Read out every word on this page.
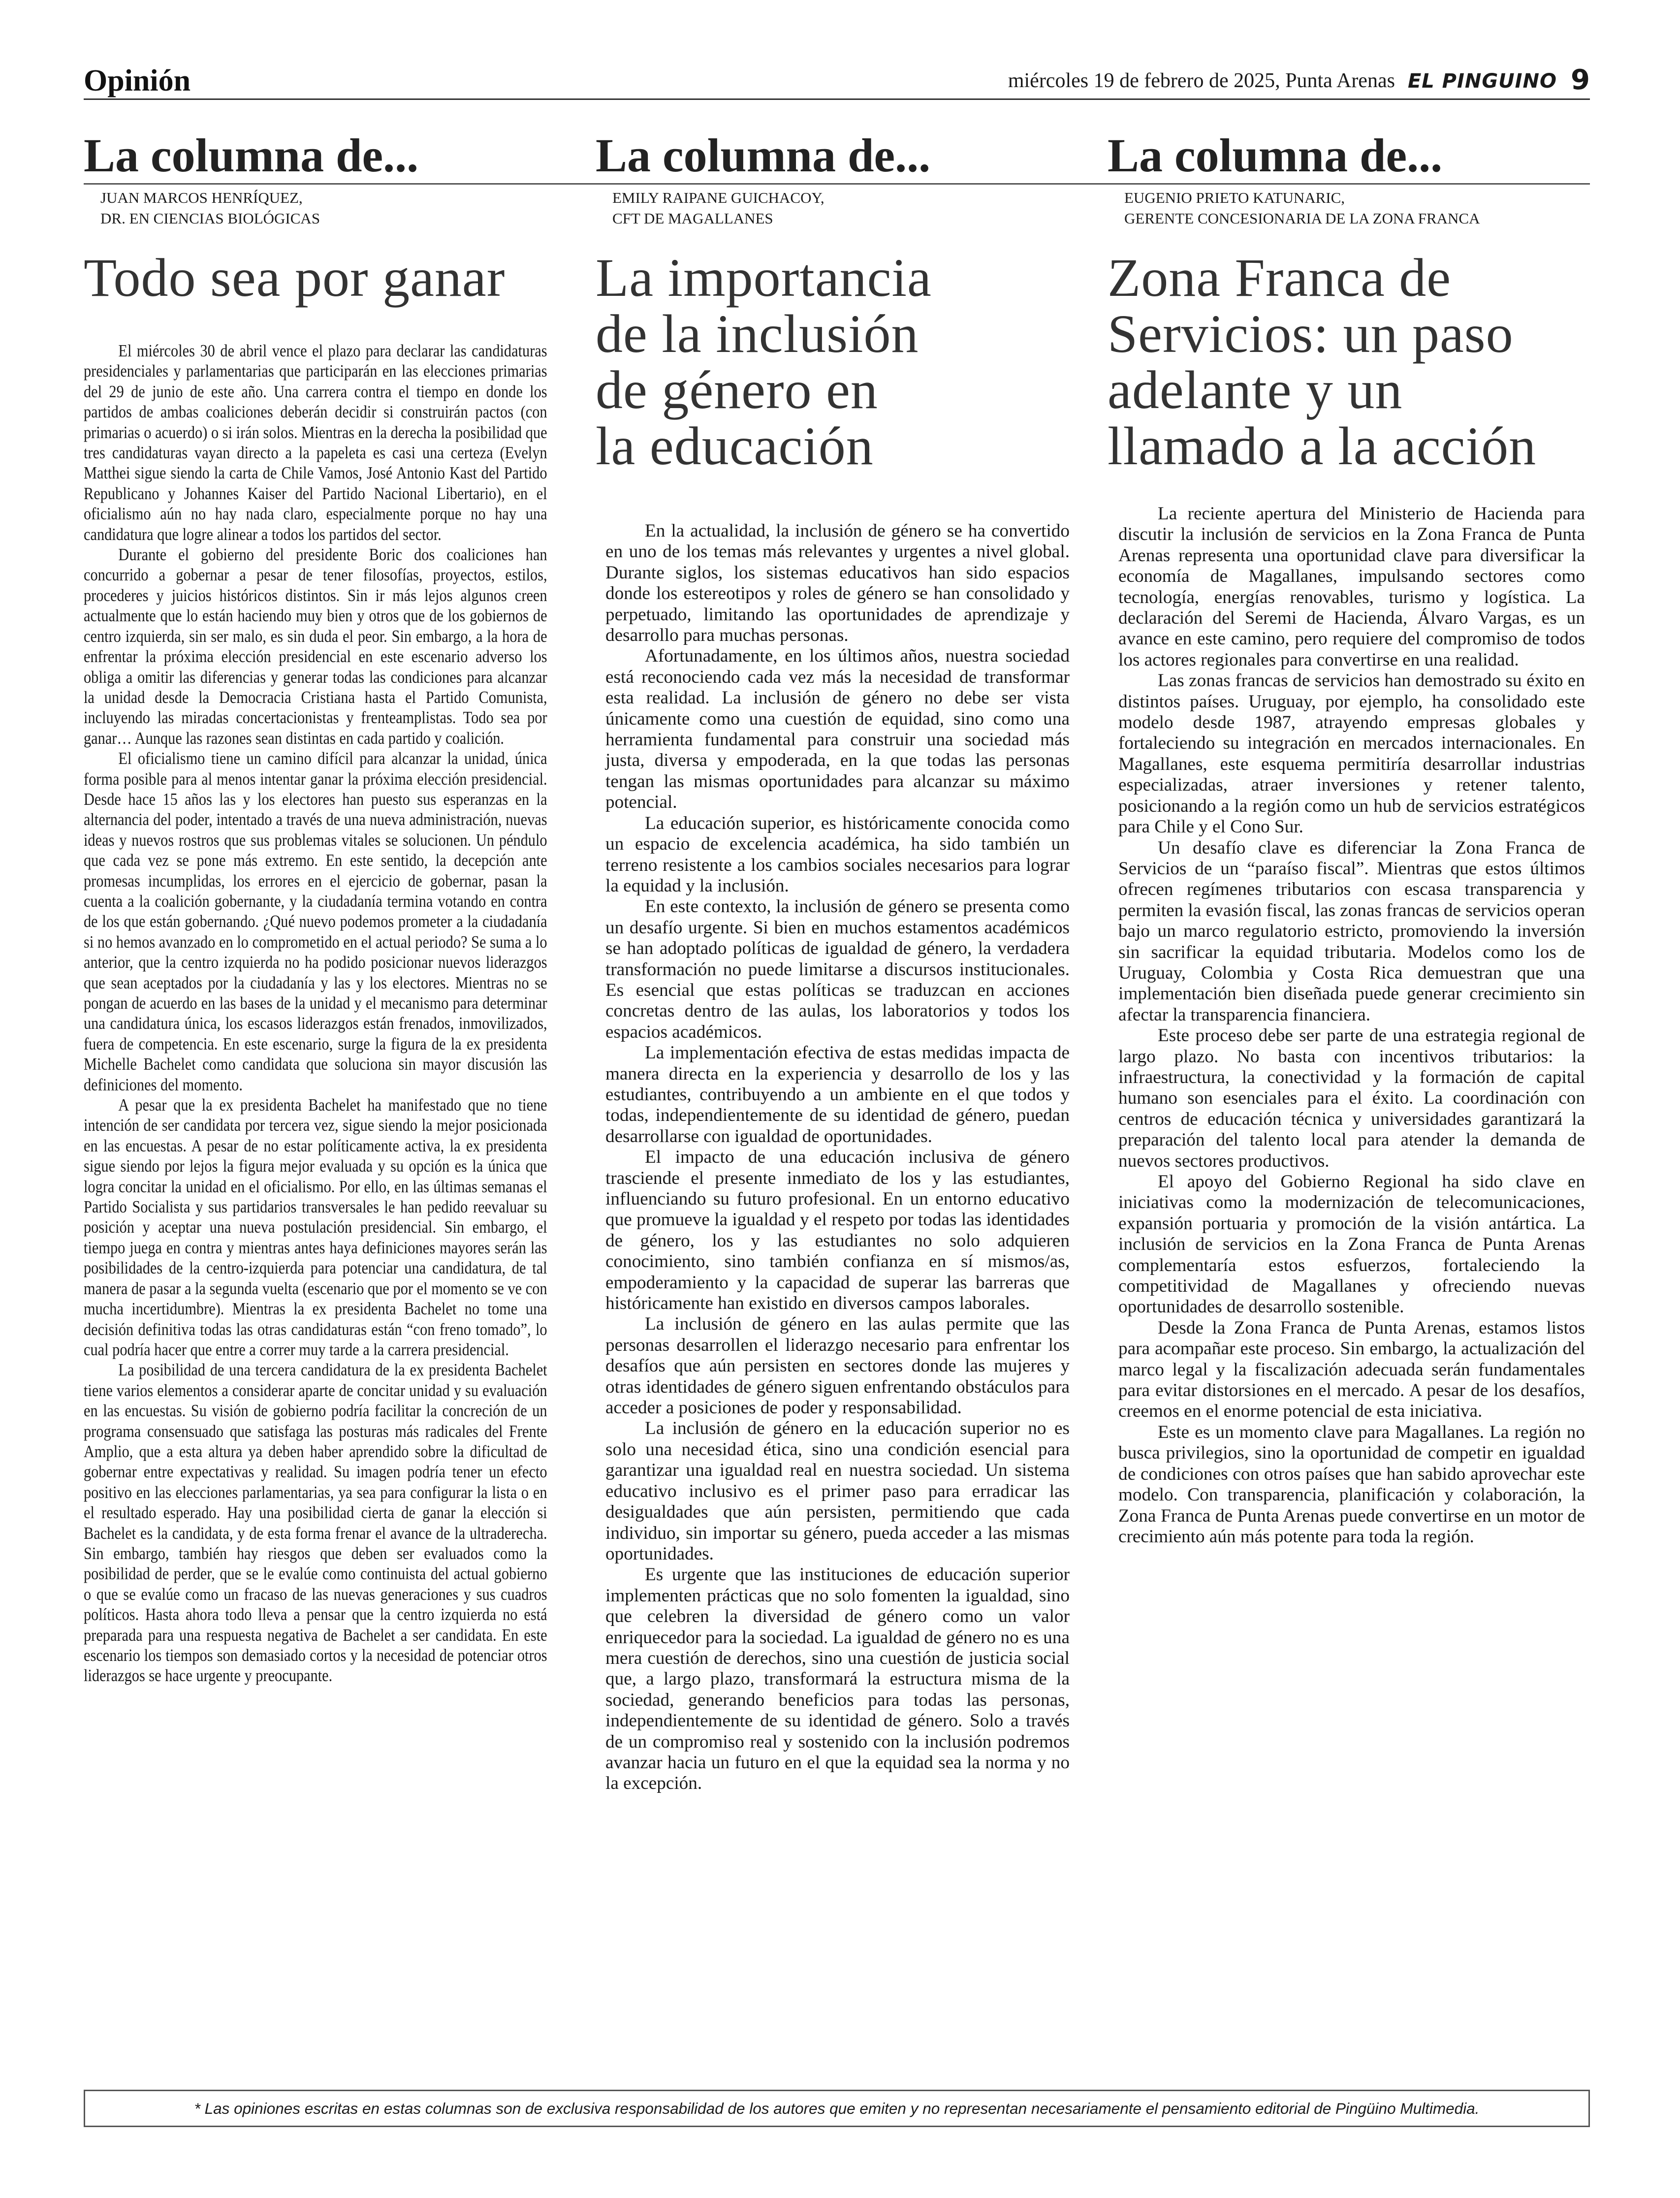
Opinión	miércoles 19 de febrero de 2025, Punta Arenas EL PINGUINO 9
La columna de...
JUAN MARCOS HENRÍQUEZ,
DR. EN CIENCIAS BIOLÓGICAS
Todo sea por ganar

El miércoles 30 de abril vence el plazo para declarar las candidaturas presidenciales y parlamentarias que participarán en las elecciones primarias del 29 de junio de este año. Una carrera contra el tiempo en donde los partidos de ambas coaliciones deberán decidir si construirán pactos (con primarias o acuerdo) o si irán solos. Mientras en la derecha la posibilidad que tres candidaturas vayan directo a la papeleta es casi una certeza (Evelyn Matthei sigue siendo la carta de Chile Vamos, José Antonio Kast del Partido Republicano y Johannes Kaiser del Partido Nacional Libertario), en el oficialismo aún no hay nada claro, especialmente porque no hay una candidatura que logre alinear a todos los partidos del sector.

Durante el gobierno del presidente Boric dos coaliciones han concurrido a gobernar a pesar de tener filosofías, proyectos, estilos, procederes y juicios históricos distintos. Sin ir más lejos algunos creen actualmente que lo están haciendo muy bien y otros que de los gobiernos de centro izquierda, sin ser malo, es sin duda el peor. Sin embargo, a la hora de enfrentar la próxima elección presidencial en este escenario adverso los obliga a omitir las diferencias y generar todas las condiciones para alcanzar la unidad desde la Democracia Cristiana hasta el Partido Comunista, incluyendo las miradas concertacionistas y frenteamplistas. Todo sea por ganar… Aunque las razones sean distintas en cada partido y coalición.

El oficialismo tiene un camino difícil para alcanzar la unidad, única forma posible para al menos intentar ganar la próxima elección presidencial. Desde hace 15 años las y los electores han puesto sus esperanzas en la alternancia del poder, intentado a través de una nueva administración, nuevas ideas y nuevos rostros que sus problemas vitales se solucionen. Un péndulo que cada vez se pone más extremo. En este sentido, la decepción ante promesas incumplidas, los errores en el ejercicio de gobernar, pasan la cuenta a la coalición gobernante, y la ciudadanía termina votando en contra de los que están gobernando. ¿Qué nuevo podemos prometer a la ciudadanía si no hemos avanzado en lo comprometido en el actual periodo? Se suma a lo anterior, que la centro izquierda no ha podido posicionar nuevos liderazgos que sean aceptados por la ciudadanía y las y los electores. Mientras no se pongan de acuerdo en las bases de la unidad y el mecanismo para determinar una candidatura única, los escasos liderazgos están frenados, inmovilizados, fuera de competencia. En este escenario, surge la figura de la ex presidenta Michelle Bachelet como candidata que soluciona sin mayor discusión las definiciones del momento.

A pesar que la ex presidenta Bachelet ha manifestado que no tiene intención de ser candidata por tercera vez, sigue siendo la mejor posicionada en las encuestas. A pesar de no estar políticamente activa, la ex presidenta sigue siendo por lejos la figura mejor evaluada y su opción es la única que logra concitar la unidad en el oficialismo. Por ello, en las últimas semanas el Partido Socialista y sus partidarios transversales le han pedido reevaluar su posición y aceptar una nueva postulación presidencial. Sin embargo, el tiempo juega en contra y mientras antes haya definiciones mayores serán las posibilidades de la centro-izquierda para potenciar una candidatura, de tal manera de pasar a la segunda vuelta (escenario que por el momento se ve con mucha incertidumbre). Mientras la ex presidenta Bachelet no tome una decisión definitiva todas las otras candidaturas están “con freno tomado”, lo cual podría hacer que entre a correr muy tarde a la carrera presidencial.

La posibilidad de una tercera candidatura de la ex presidenta Bachelet tiene varios elementos a considerar aparte de concitar unidad y su evaluación en las encuestas. Su visión de gobierno podría facilitar la concreción de un programa consensuado que satisfaga las posturas más radicales del Frente Amplio, que a esta altura ya deben haber aprendido sobre la dificultad de gobernar entre expectativas y realidad. Su imagen podría tener un efecto positivo en las elecciones parlamentarias, ya sea para configurar la lista o en el resultado esperado. Hay una posibilidad cierta de ganar la elección si Bachelet es la candidata, y de esta forma frenar el avance de la ultraderecha. Sin embargo, también hay riesgos que deben ser evaluados como la posibilidad de perder, que se le evalúe como continuista del actual gobierno o que se evalúe como un fracaso de las nuevas generaciones y sus cuadros políticos. Hasta ahora todo lleva a pensar que la centro izquierda no está preparada para una respuesta negativa de Bachelet a ser candidata. En este escenario los tiempos son demasiado cortos y la necesidad de potenciar otros liderazgos se hace urgente y preocupante.

La columna de...
EMILY RAIPANE GUICHACOY,
CFT DE MAGALLANES
La importancia
de la inclusión
de género en
la educación

En la actualidad, la inclusión de género se ha convertido en uno de los temas más relevantes y urgentes a nivel global. Durante siglos, los sistemas educativos han sido espacios donde los estereotipos y roles de género se han consolidado y perpetuado, limitando las oportunidades de aprendizaje y desarrollo para muchas personas.

Afortunadamente, en los últimos años, nuestra sociedad está reconociendo cada vez más la necesidad de transformar esta realidad. La inclusión de género no debe ser vista únicamente como una cuestión de equidad, sino como una herramienta fundamental para construir una sociedad más justa, diversa y empoderada, en la que todas las personas tengan las mismas oportunidades para alcanzar su máximo potencial.

La educación superior, es históricamente conocida como un espacio de excelencia académica, ha sido también un terreno resistente a los cambios sociales necesarios para lograr la equidad y la inclusión.

En este contexto, la inclusión de género se presenta como un desafío urgente. Si bien en muchos estamentos académicos se han adoptado políticas de igualdad de género, la verdadera transformación no puede limitarse a discursos institucionales. Es esencial que estas políticas se traduzcan en acciones concretas dentro de las aulas, los laboratorios y todos los espacios académicos.

La implementación efectiva de estas medidas impacta de manera directa en la experiencia y desarrollo de los y las estudiantes, contribuyendo a un ambiente en el que todos y todas, independientemente de su identidad de género, puedan desarrollarse con igualdad de oportunidades.

El impacto de una educación inclusiva de género trasciende el presente inmediato de los y las estudiantes, influenciando su futuro profesional. En un entorno educativo que promueve la igualdad y el respeto por todas las identidades de género, los y las estudiantes no solo adquieren conocimiento, sino también confianza en sí mismos/as, empoderamiento y la capacidad de superar las barreras que históricamente han existido en diversos campos laborales.

La inclusión de género en las aulas permite que las personas desarrollen el liderazgo necesario para enfrentar los desafíos que aún persisten en sectores donde las mujeres y otras identidades de género siguen enfrentando obstáculos para acceder a posiciones de poder y responsabilidad.

La inclusión de género en la educación superior no es solo una necesidad ética, sino una condición esencial para garantizar una igualdad real en nuestra sociedad. Un sistema educativo inclusivo es el primer paso para erradicar las desigualdades que aún persisten, permitiendo que cada individuo, sin importar su género, pueda acceder a las mismas oportunidades.

Es urgente que las instituciones de educación superior implementen prácticas que no solo fomenten la igualdad, sino que celebren la diversidad de género como un valor enriquecedor para la sociedad. La igualdad de género no es una mera cuestión de derechos, sino una cuestión de justicia social que, a largo plazo, transformará la estructura misma de la sociedad, generando beneficios para todas las personas, independientemente de su identidad de género. Solo a través de un compromiso real y sostenido con la inclusión podremos avanzar hacia un futuro en el que la equidad sea la norma y no la excepción.

La columna de...
EUGENIO PRIETO KATUNARIC,
GERENTE CONCESIONARIA DE LA ZONA FRANCA
Zona Franca de
Servicios: un paso
adelante y un
llamado a la acción

La reciente apertura del Ministerio de Hacienda para discutir la inclusión de servicios en la Zona Franca de Punta Arenas representa una oportunidad clave para diversificar la economía de Magallanes, impulsando sectores como tecnología, energías renovables, turismo y logística. La declaración del Seremi de Hacienda, Álvaro Vargas, es un avance en este camino, pero requiere del compromiso de todos los actores regionales para convertirse en una realidad.

Las zonas francas de servicios han demostrado su éxito en distintos países. Uruguay, por ejemplo, ha consolidado este modelo desde 1987, atrayendo empresas globales y fortaleciendo su integración en mercados internacionales. En Magallanes, este esquema permitiría desarrollar industrias especializadas, atraer inversiones y retener talento, posicionando a la región como un hub de servicios estratégicos para Chile y el Cono Sur.

Un desafío clave es diferenciar la Zona Franca de Servicios de un “paraíso fiscal”. Mientras que estos últimos ofrecen regímenes tributarios con escasa transparencia y permiten la evasión fiscal, las zonas francas de servicios operan bajo un marco regulatorio estricto, promoviendo la inversión sin sacrificar la equidad tributaria. Modelos como los de Uruguay, Colombia y Costa Rica demuestran que una implementación bien diseñada puede generar crecimiento sin afectar la transparencia financiera.

Este proceso debe ser parte de una estrategia regional de largo plazo. No basta con incentivos tributarios: la infraestructura, la conectividad y la formación de capital humano son esenciales para el éxito. La coordinación con centros de educación técnica y universidades garantizará la preparación del talento local para atender la demanda de nuevos sectores productivos.

El apoyo del Gobierno Regional ha sido clave en iniciativas como la modernización de telecomunicaciones, expansión portuaria y promoción de la visión antártica. La inclusión de servicios en la Zona Franca de Punta Arenas complementaría estos esfuerzos, fortaleciendo la competitividad de Magallanes y ofreciendo nuevas oportunidades de desarrollo sostenible.

Desde la Zona Franca de Punta Arenas, estamos listos para acompañar este proceso. Sin embargo, la actualización del marco legal y la fiscalización adecuada serán fundamentales para evitar distorsiones en el mercado. A pesar de los desafíos, creemos en el enorme potencial de esta iniciativa.

Este es un momento clave para Magallanes. La región no busca privilegios, sino la oportunidad de competir en igualdad de condiciones con otros países que han sabido aprovechar este modelo. Con transparencia, planificación y colaboración, la Zona Franca de Punta Arenas puede convertirse en un motor de crecimiento aún más potente para toda la región.

* Las opiniones escritas en estas columnas son de exclusiva responsabilidad de los autores que emiten y no representan necesariamente el pensamiento editorial de Pingüino Multimedia.
